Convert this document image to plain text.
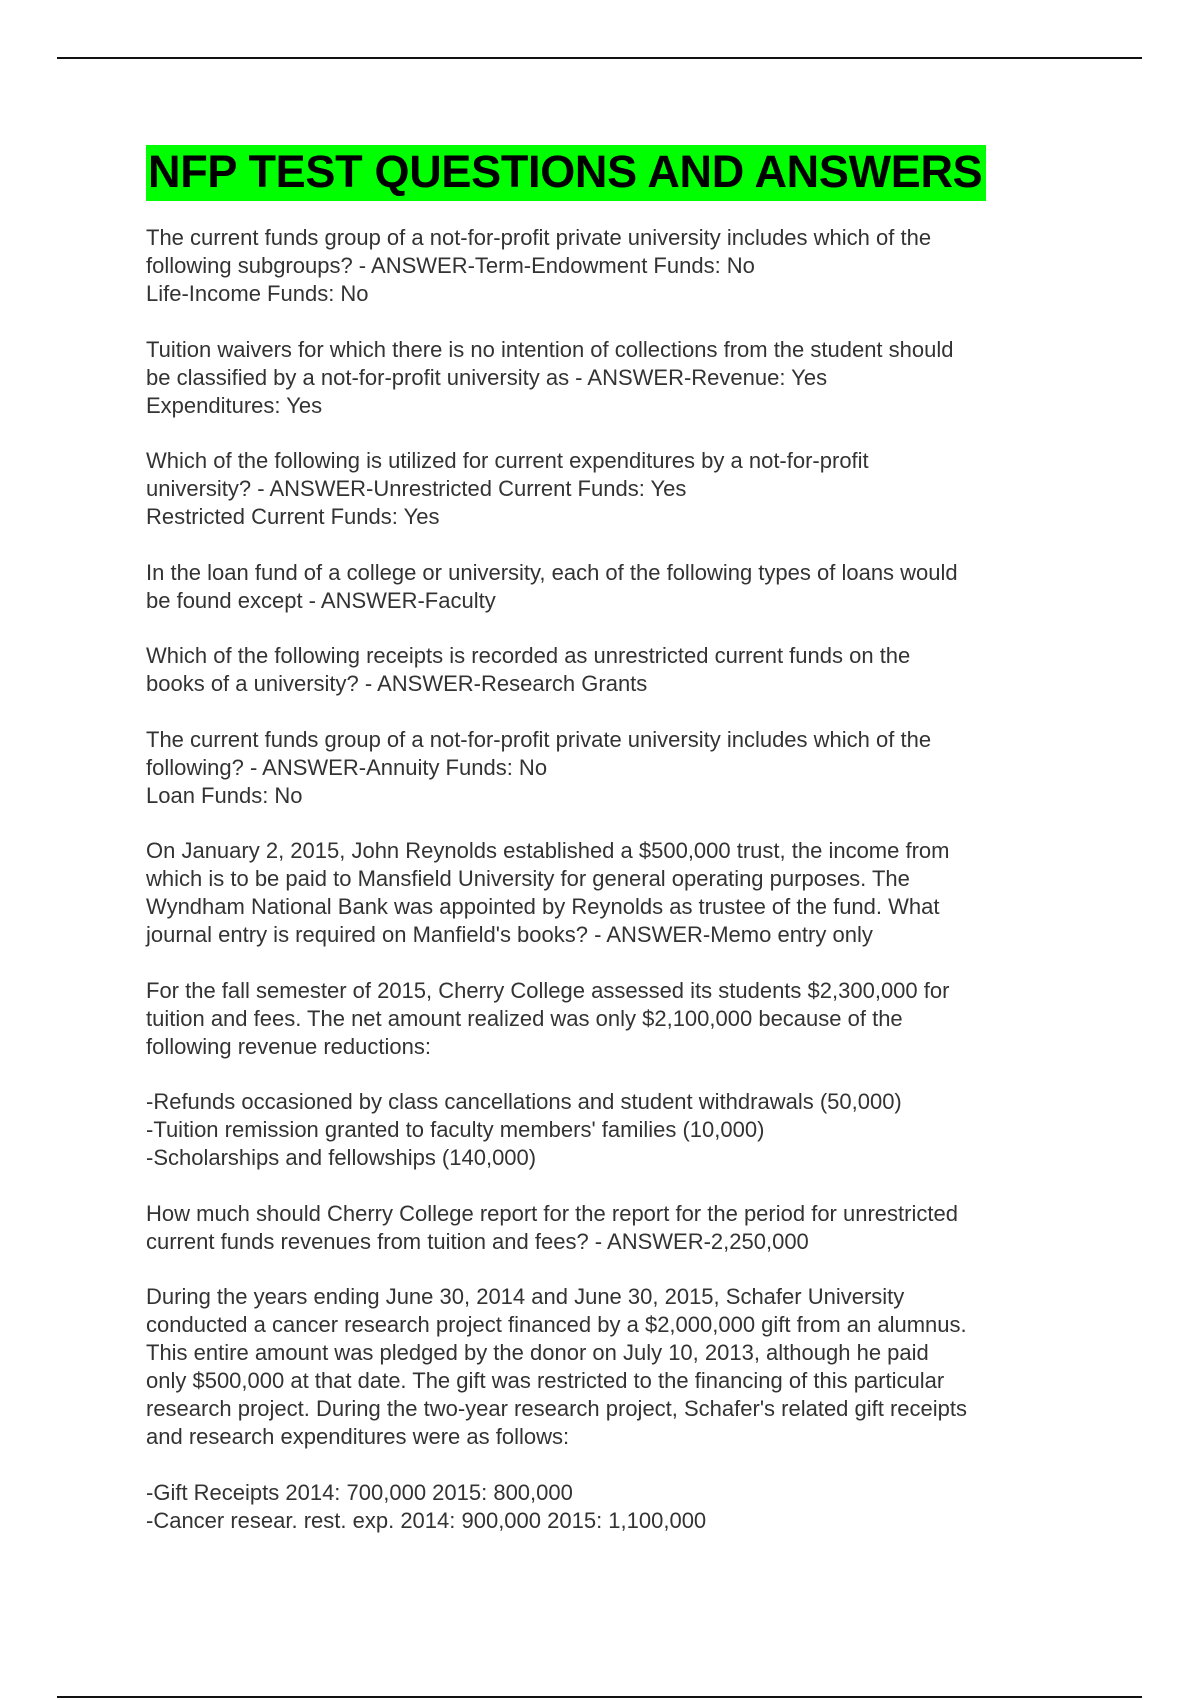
NFP TEST QUESTIONS AND ANSWERS

The current funds group of a not-for-profit private university includes which of the
following subgroups? - ANSWER-Term-Endowment Funds: No
Life-Income Funds: No

Tuition waivers for which there is no intention of collections from the student should
be classified by a not-for-profit university as - ANSWER-Revenue: Yes
Expenditures: Yes

Which of the following is utilized for current expenditures by a not-for-profit
university? - ANSWER-Unrestricted Current Funds: Yes
Restricted Current Funds: Yes

In the loan fund of a college or university, each of the following types of loans would
be found except - ANSWER-Faculty

Which of the following receipts is recorded as unrestricted current funds on the
books of a university? - ANSWER-Research Grants

The current funds group of a not-for-profit private university includes which of the
following? - ANSWER-Annuity Funds: No
Loan Funds: No

On January 2, 2015, John Reynolds established a $500,000 trust, the income from
which is to be paid to Mansfield University for general operating purposes. The
Wyndham National Bank was appointed by Reynolds as trustee of the fund. What
journal entry is required on Manfield's books? - ANSWER-Memo entry only

For the fall semester of 2015, Cherry College assessed its students $2,300,000 for
tuition and fees. The net amount realized was only $2,100,000 because of the
following revenue reductions:

-Refunds occasioned by class cancellations and student withdrawals (50,000)
-Tuition remission granted to faculty members' families (10,000)
-Scholarships and fellowships (140,000)

How much should Cherry College report for the report for the period for unrestricted
current funds revenues from tuition and fees? - ANSWER-2,250,000

During the years ending June 30, 2014 and June 30, 2015, Schafer University
conducted a cancer research project financed by a $2,000,000 gift from an alumnus.
This entire amount was pledged by the donor on July 10, 2013, although he paid
only $500,000 at that date. The gift was restricted to the financing of this particular
research project. During the two-year research project, Schafer's related gift receipts
and research expenditures were as follows:

-Gift Receipts 2014: 700,000 2015: 800,000
-Cancer resear. rest. exp. 2014: 900,000 2015: 1,100,000
